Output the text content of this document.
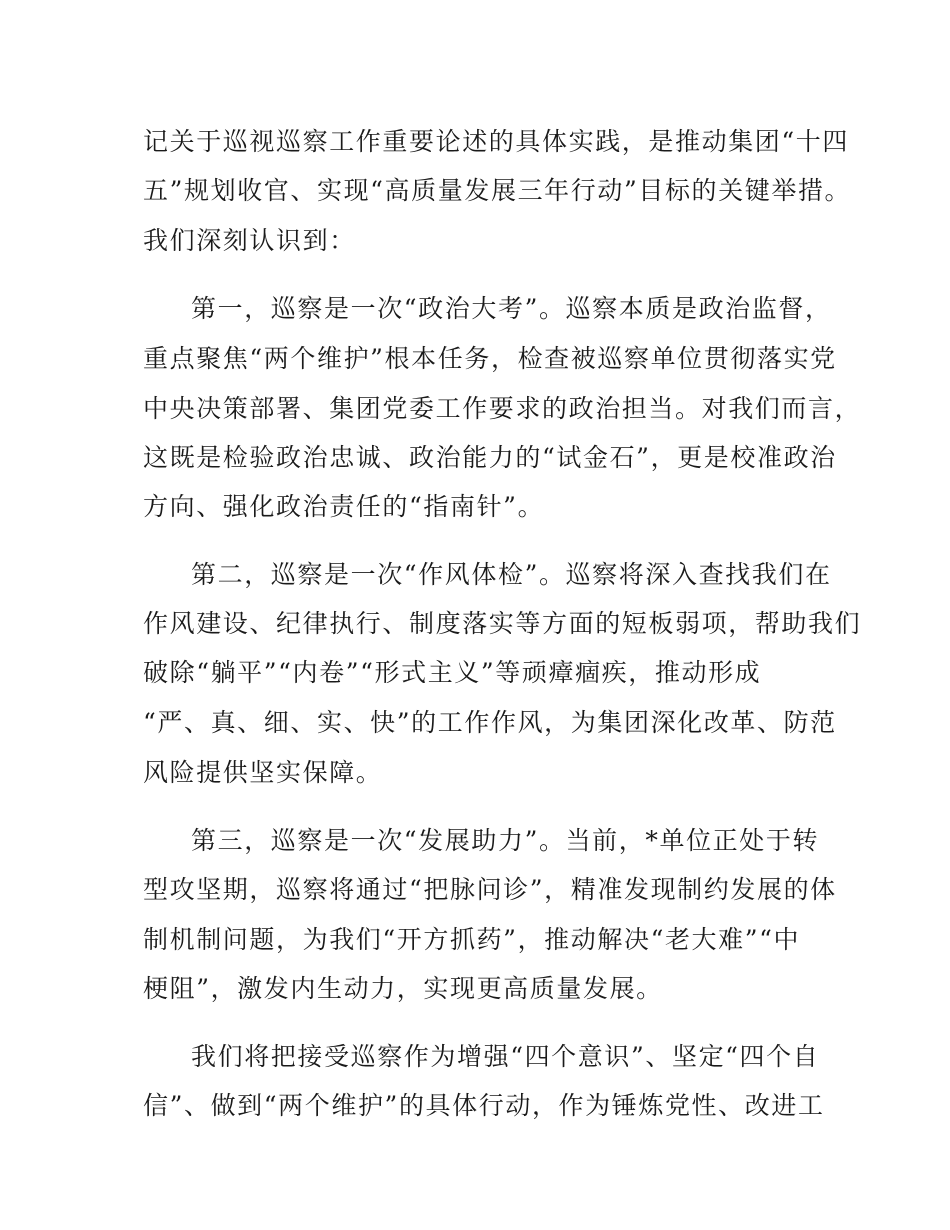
记关于巡视巡察工作重要论述的具体实践，是推动集团“十四
五”规划收官、实现“高质量发展三年行动”目标的关键举措。
我们深刻认识到：
第一，巡察是一次“政治大考”。巡察本质是政治监督，
重点聚焦“两个维护”根本任务，检查被巡察单位贯彻落实党
中央决策部署、集团党委工作要求的政治担当。对我们而言，
这既是检验政治忠诚、政治能力的“试金石”，更是校准政治
方向、强化政治责任的“指南针”。
第二，巡察是一次“作风体检”。巡察将深入查找我们在
作风建设、纪律执行、制度落实等方面的短板弱项，帮助我们
破除“躺平”“内卷”“形式主义”等顽瘴痼疾，推动形成
“严、真、细、实、快”的工作作风，为集团深化改革、防范
风险提供坚实保障。
第三，巡察是一次“发展助力”。当前，*单位正处于转
型攻坚期，巡察将通过“把脉问诊”，精准发现制约发展的体
制机制问题，为我们“开方抓药”，推动解决“老大难”“中
梗阻”，激发内生动力，实现更高质量发展。
我们将把接受巡察作为增强“四个意识”、坚定“四个自
信”、做到“两个维护”的具体行动，作为锤炼党性、改进工
